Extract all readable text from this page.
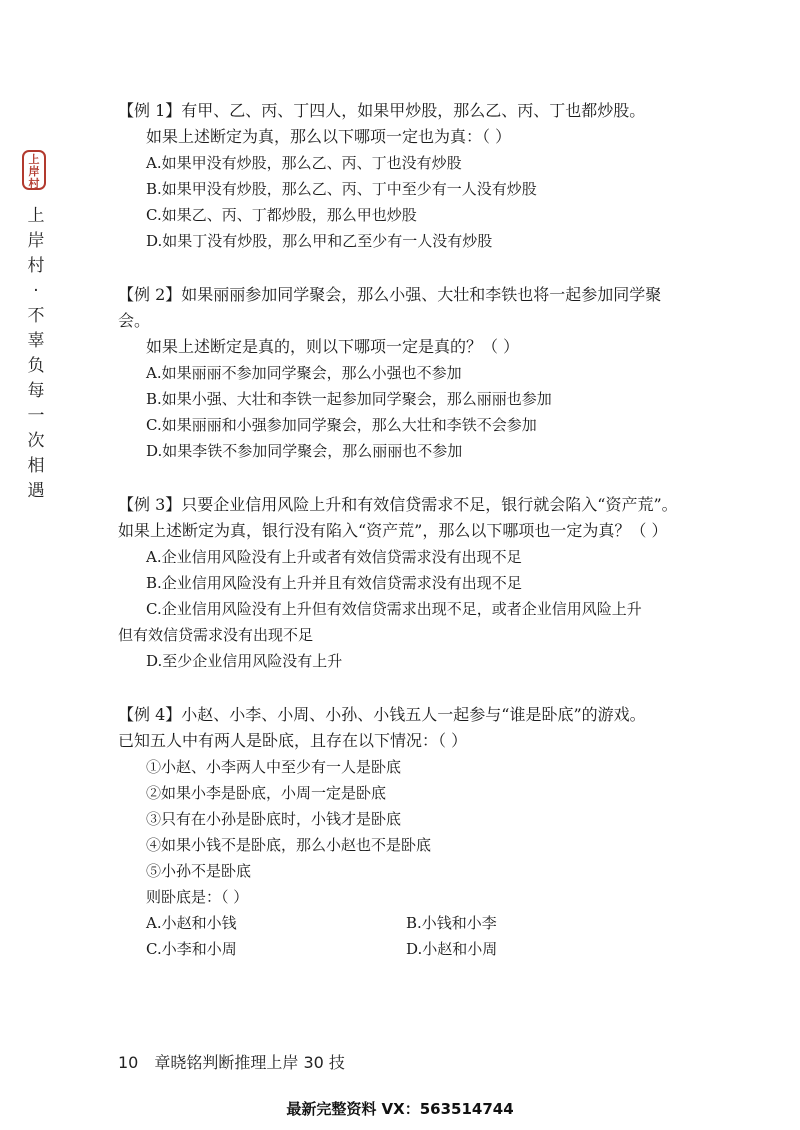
上
岸
村
上
岸
村
·
不
辜
负
每
一
次
相
遇
【例 1】有甲、乙、丙、丁四人，如果甲炒股，那么乙、丙、丁也都炒股。
如果上述断定为真，那么以下哪项一定也为真：（ ）
A.如果甲没有炒股，那么乙、丙、丁也没有炒股
B.如果甲没有炒股，那么乙、丙、丁中至少有一人没有炒股
C.如果乙、丙、丁都炒股，那么甲也炒股
D.如果丁没有炒股，那么甲和乙至少有一人没有炒股
【例 2】如果丽丽参加同学聚会，那么小强、大壮和李铁也将一起参加同学聚
会。
如果上述断定是真的，则以下哪项一定是真的？（ ）
A.如果丽丽不参加同学聚会，那么小强也不参加
B.如果小强、大壮和李铁一起参加同学聚会，那么丽丽也参加
C.如果丽丽和小强参加同学聚会，那么大壮和李铁不会参加
D.如果李铁不参加同学聚会，那么丽丽也不参加
【例 3】只要企业信用风险上升和有效信贷需求不足，银行就会陷入“资产荒”。
如果上述断定为真，银行没有陷入“资产荒”，那么以下哪项也一定为真？（ ）
A.企业信用风险没有上升或者有效信贷需求没有出现不足
B.企业信用风险没有上升并且有效信贷需求没有出现不足
C.企业信用风险没有上升但有效信贷需求出现不足，或者企业信用风险上升
但有效信贷需求没有出现不足
D.至少企业信用风险没有上升
【例 4】小赵、小李、小周、小孙、小钱五人一起参与“谁是卧底”的游戏。
已知五人中有两人是卧底，且存在以下情况：（ ）
①小赵、小李两人中至少有一人是卧底
②如果小李是卧底，小周一定是卧底
③只有在小孙是卧底时，小钱才是卧底
④如果小钱不是卧底，那么小赵也不是卧底
⑤小孙不是卧底
则卧底是：（ ）
A.小赵和小钱	B.小钱和小李
C.小李和小周	D.小赵和小周
10 章晓铭判断推理上岸 30 技
最新完整资料 VX：563514744
